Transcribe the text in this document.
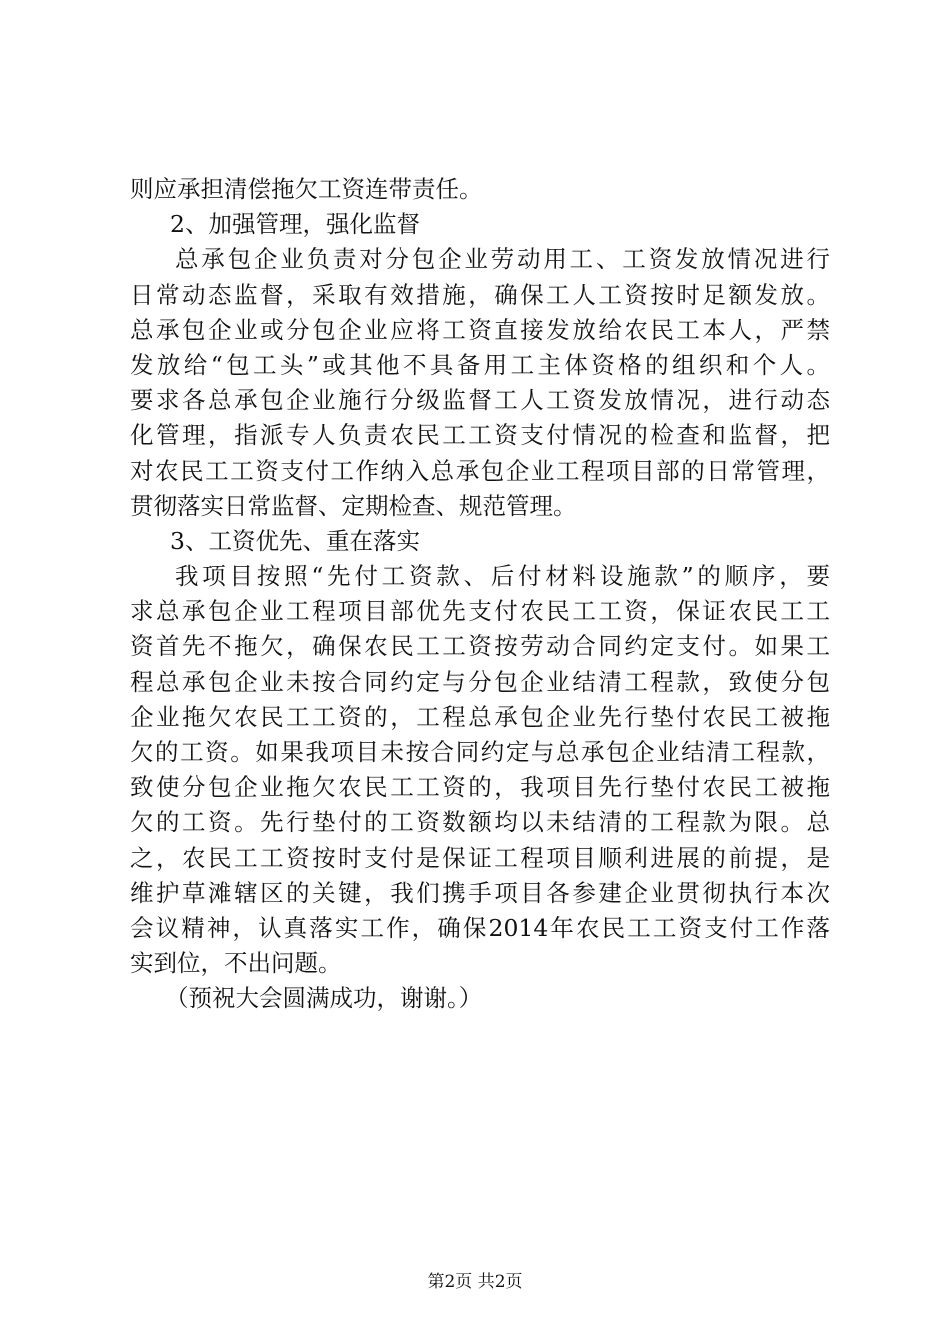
则应承担清偿拖欠工资连带责任。
2、加强管理，强化监督
总承包企业负责对分包企业劳动用工、工资发放情况进行
日常动态监督，采取有效措施，确保工人工资按时足额发放。
总承包企业或分包企业应将工资直接发放给农民工本人，严禁
发放给“包工头”或其他不具备用工主体资格的组织和个人。
要求各总承包企业施行分级监督工人工资发放情况，进行动态
化管理，指派专人负责农民工工资支付情况的检查和监督，把
对农民工工资支付工作纳入总承包企业工程项目部的日常管理，
贯彻落实日常监督、定期检查、规范管理。
3、工资优先、重在落实
我项目按照“先付工资款、后付材料设施款”的顺序，要
求总承包企业工程项目部优先支付农民工工资，保证农民工工
资首先不拖欠，确保农民工工资按劳动合同约定支付。如果工
程总承包企业未按合同约定与分包企业结清工程款，致使分包
企业拖欠农民工工资的，工程总承包企业先行垫付农民工被拖
欠的工资。如果我项目未按合同约定与总承包企业结清工程款，
致使分包企业拖欠农民工工资的，我项目先行垫付农民工被拖
欠的工资。先行垫付的工资数额均以未结清的工程款为限。总
之，农民工工资按时支付是保证工程项目顺利进展的前提，是
维护草滩辖区的关键，我们携手项目各参建企业贯彻执行本次
会议精神，认真落实工作，确保2014年农民工工资支付工作落
实到位，不出问题。
（预祝大会圆满成功，谢谢。）
第2页 共2页
